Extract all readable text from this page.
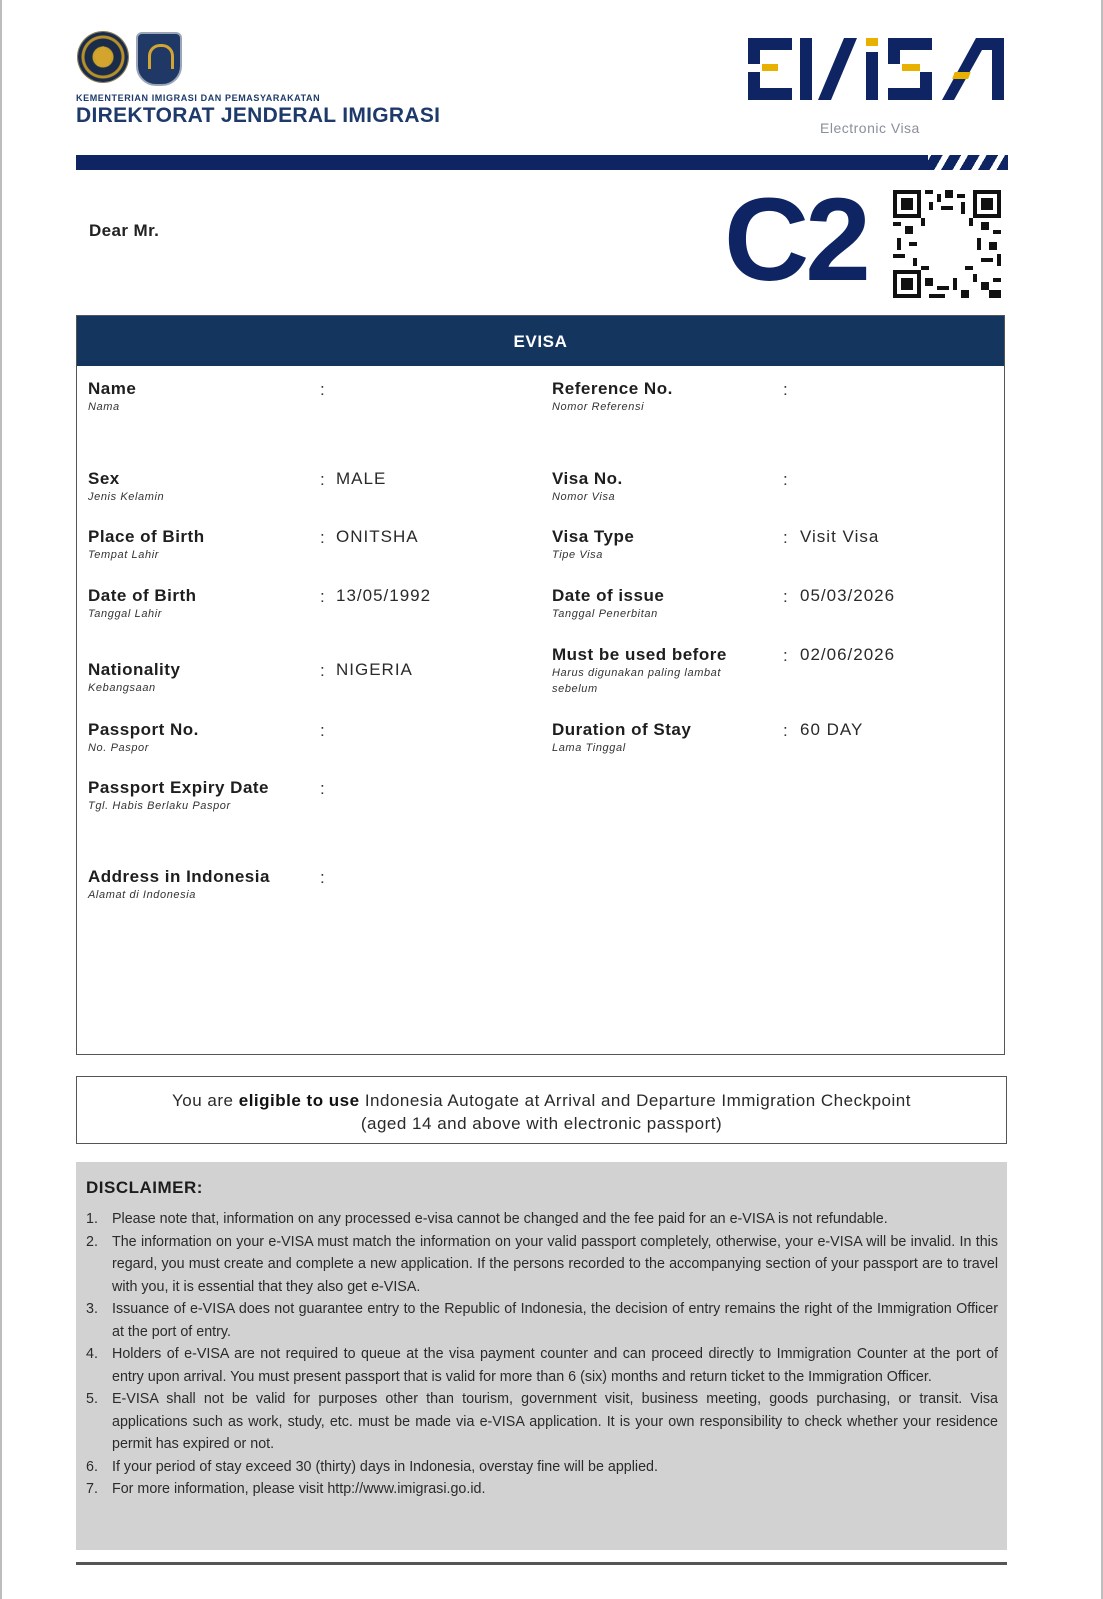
KEMENTERIAN IMIGRASI DAN PEMASYARAKATAN
DIREKTORAT JENDERAL IMIGRASI
Electronic Visa
Dear Mr.	C2
EVISA
Name
Nama
:
Sex
Jenis Kelamin
: MALE
Place of Birth
Tempat Lahir
: ONITSHA
Date of Birth
Tanggal Lahir
: 13/05/1992
Nationality
Kebangsaan
: NIGERIA
Passport No.
No. Paspor
:
Passport Expiry Date
Tgl. Habis Berlaku Paspor
:
Address in Indonesia
Alamat di Indonesia
:
Reference No.
Nomor Referensi
:
Visa No.
Nomor Visa
:
Visa Type
Tipe Visa
: Visit Visa
Date of issue
Tanggal Penerbitan
: 05/03/2026
Must be used before
Harus digunakan paling lambat sebelum
: 02/06/2026
Duration of Stay
Lama Tinggal
: 60 DAY
You are eligible to use Indonesia Autogate at Arrival and Departure Immigration Checkpoint
(aged 14 and above with electronic passport)
DISCLAIMER:
1. Please note that, information on any processed e-visa cannot be changed and the fee paid for an e-VISA is not refundable.
2. The information on your e-VISA must match the information on your valid passport completely, otherwise, your e-VISA will be invalid. In this regard, you must create and complete a new application. If the persons recorded to the accompanying section of your passport are to travel with you, it is essential that they also get e-VISA.
3. Issuance of e-VISA does not guarantee entry to the Republic of Indonesia, the decision of entry remains the right of the Immigration Officer at the port of entry.
4. Holders of e-VISA are not required to queue at the visa payment counter and can proceed directly to Immigration Counter at the port of entry upon arrival. You must present passport that is valid for more than 6 (six) months and return ticket to the Immigration Officer.
5. E-VISA shall not be valid for purposes other than tourism, government visit, business meeting, goods purchasing, or transit. Visa applications such as work, study, etc. must be made via e-VISA application. It is your own responsibility to check whether your residence permit has expired or not.
6. If your period of stay exceed 30 (thirty) days in Indonesia, overstay fine will be applied.
7. For more information, please visit http://www.imigrasi.go.id.
